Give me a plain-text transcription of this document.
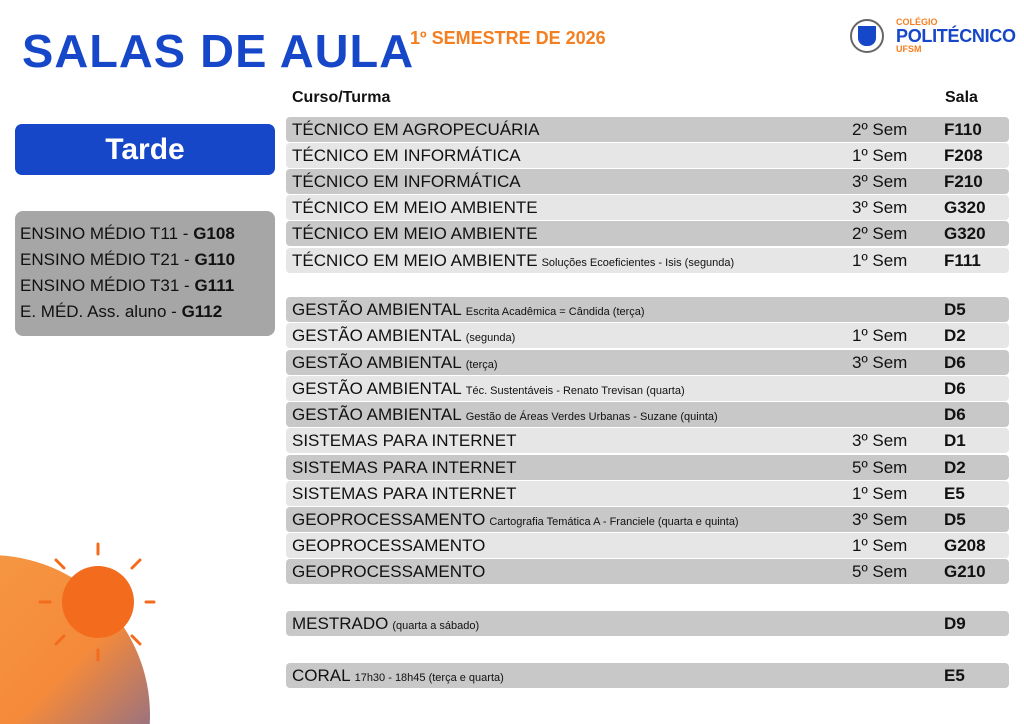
SALAS DE AULA
1º SEMESTRE DE 2026
COLÉGIO
POLITÉCNICO
UFSM
Tarde
ENSINO MÉDIO T11 - G108
ENSINO MÉDIO T21 - G110
ENSINO MÉDIO T31 - G111
E. MÉD. Ass. aluno - G112
Curso/Turma	Sala
TÉCNICO EM AGROPECUÁRIA	2º Sem F110
TÉCNICO EM INFORMÁTICA	1º Sem F208
TÉCNICO EM INFORMÁTICA	3º Sem F210
TÉCNICO EM MEIO AMBIENTE	3º Sem G320
TÉCNICO EM MEIO AMBIENTE	2º Sem G320
TÉCNICO EM MEIO AMBIENTE Soluções Ecoeficientes - Isis (segunda)	1º Sem F111
GESTÃO AMBIENTAL Escrita Acadêmica = Cândida (terça)	D5
GESTÃO AMBIENTAL (segunda)	1º Sem D2
GESTÃO AMBIENTAL (terça)	3º Sem D6
GESTÃO AMBIENTAL Téc. Sustentáveis - Renato Trevisan (quarta)	D6
GESTÃO AMBIENTAL Gestão de Áreas Verdes Urbanas - Suzane (quinta)	D6
SISTEMAS PARA INTERNET	3º Sem D1
SISTEMAS PARA INTERNET	5º Sem D2
SISTEMAS PARA INTERNET	1º Sem E5
GEOPROCESSAMENTO Cartografia Temática A - Franciele (quarta e quinta)	3º Sem D5
GEOPROCESSAMENTO	1º Sem G208
GEOPROCESSAMENTO	5º Sem G210
MESTRADO (quarta a sábado)	D9
CORAL 17h30 - 18h45 (terça e quarta)	E5
